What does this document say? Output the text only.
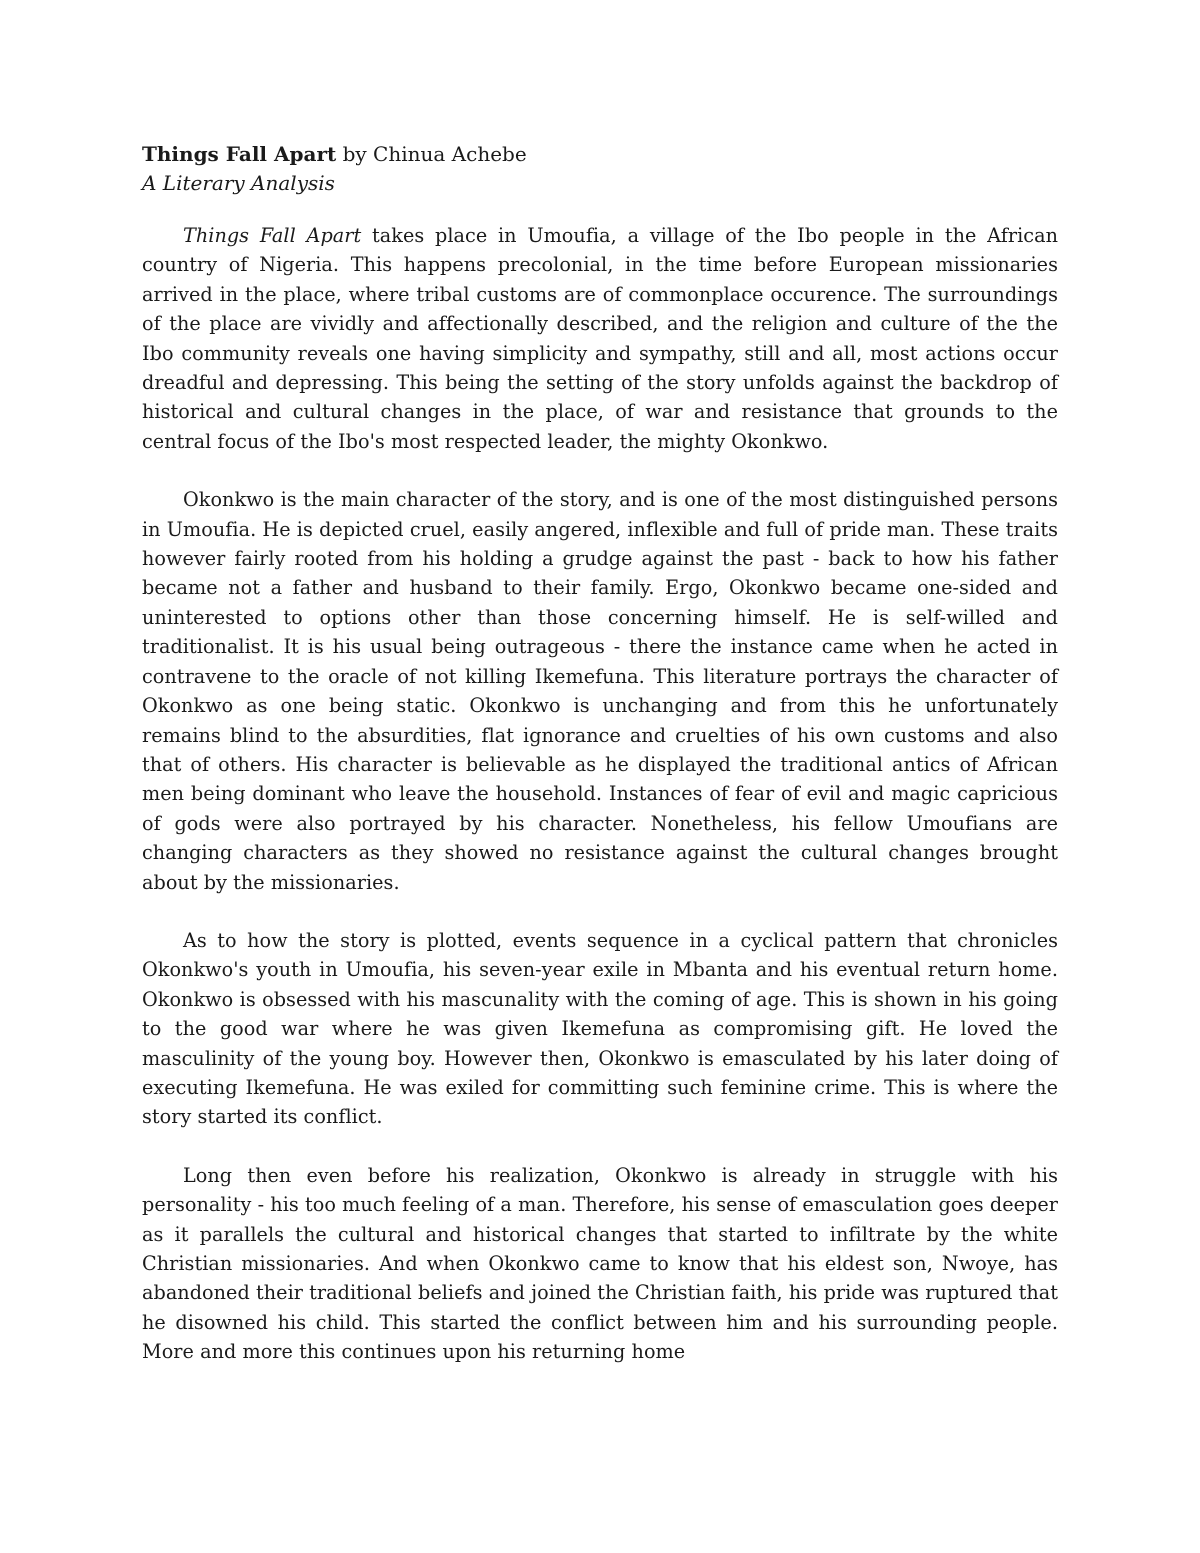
Things Fall Apart by Chinua Achebe

A Literary Analysis

Things Fall Apart takes place in Umoufia, a village of the Ibo people in the African country of Nigeria. This happens precolonial, in the time before European missionaries arrived in the place, where tribal customs are of commonplace occurence. The surroundings of the place are vividly and affectionally described, and the religion and culture of the the Ibo community reveals one having simplicity and sympathy, still and all, most actions occur dreadful and depressing. This being the setting of the story unfolds against the backdrop of historical and cultural changes in the place, of war and resistance that grounds to the central focus of the Ibo's most respected leader, the mighty Okonkwo.

Okonkwo is the main character of the story, and is one of the most distinguished persons in Umoufia. He is depicted cruel, easily angered, inflexible and full of pride man. These traits however fairly rooted from his holding a grudge against the past - back to how his father became not a father and husband to their family. Ergo, Okonkwo became one-sided and uninterested to options other than those concerning himself. He is self-willed and traditionalist. It is his usual being outrageous - there the instance came when he acted in contravene to the oracle of not killing Ikemefuna. This literature portrays the character of Okonkwo as one being static. Okonkwo is unchanging and from this he unfortunately remains blind to the absurdities, flat ignorance and cruelties of his own customs and also that of others. His character is believable as he displayed the traditional antics of African men being dominant who leave the household. Instances of fear of evil and magic capricious of gods were also portrayed by his character. Nonetheless, his fellow Umoufians are changing characters as they showed no resistance against the cultural changes brought about by the missionaries.

As to how the story is plotted, events sequence in a cyclical pattern that chronicles Okonkwo's youth in Umoufia, his seven-year exile in Mbanta and his eventual return home. Okonkwo is obsessed with his mascunality with the coming of age. This is shown in his going to the good war where he was given Ikemefuna as compromising gift. He loved the masculinity of the young boy. However then, Okonkwo is emasculated by his later doing of executing Ikemefuna. He was exiled for committing such feminine crime. This is where the story started its conflict.

Long then even before his realization, Okonkwo is already in struggle with his personality - his too much feeling of a man. Therefore, his sense of emasculation goes deeper as it parallels the cultural and historical changes that started to infiltrate by the white Christian missionaries. And when Okonkwo came to know that his eldest son, Nwoye, has abandoned their traditional beliefs and joined the Christian faith, his pride was ruptured that he disowned his child. This started the conflict between him and his surrounding people. More and more this continues upon his returning home
